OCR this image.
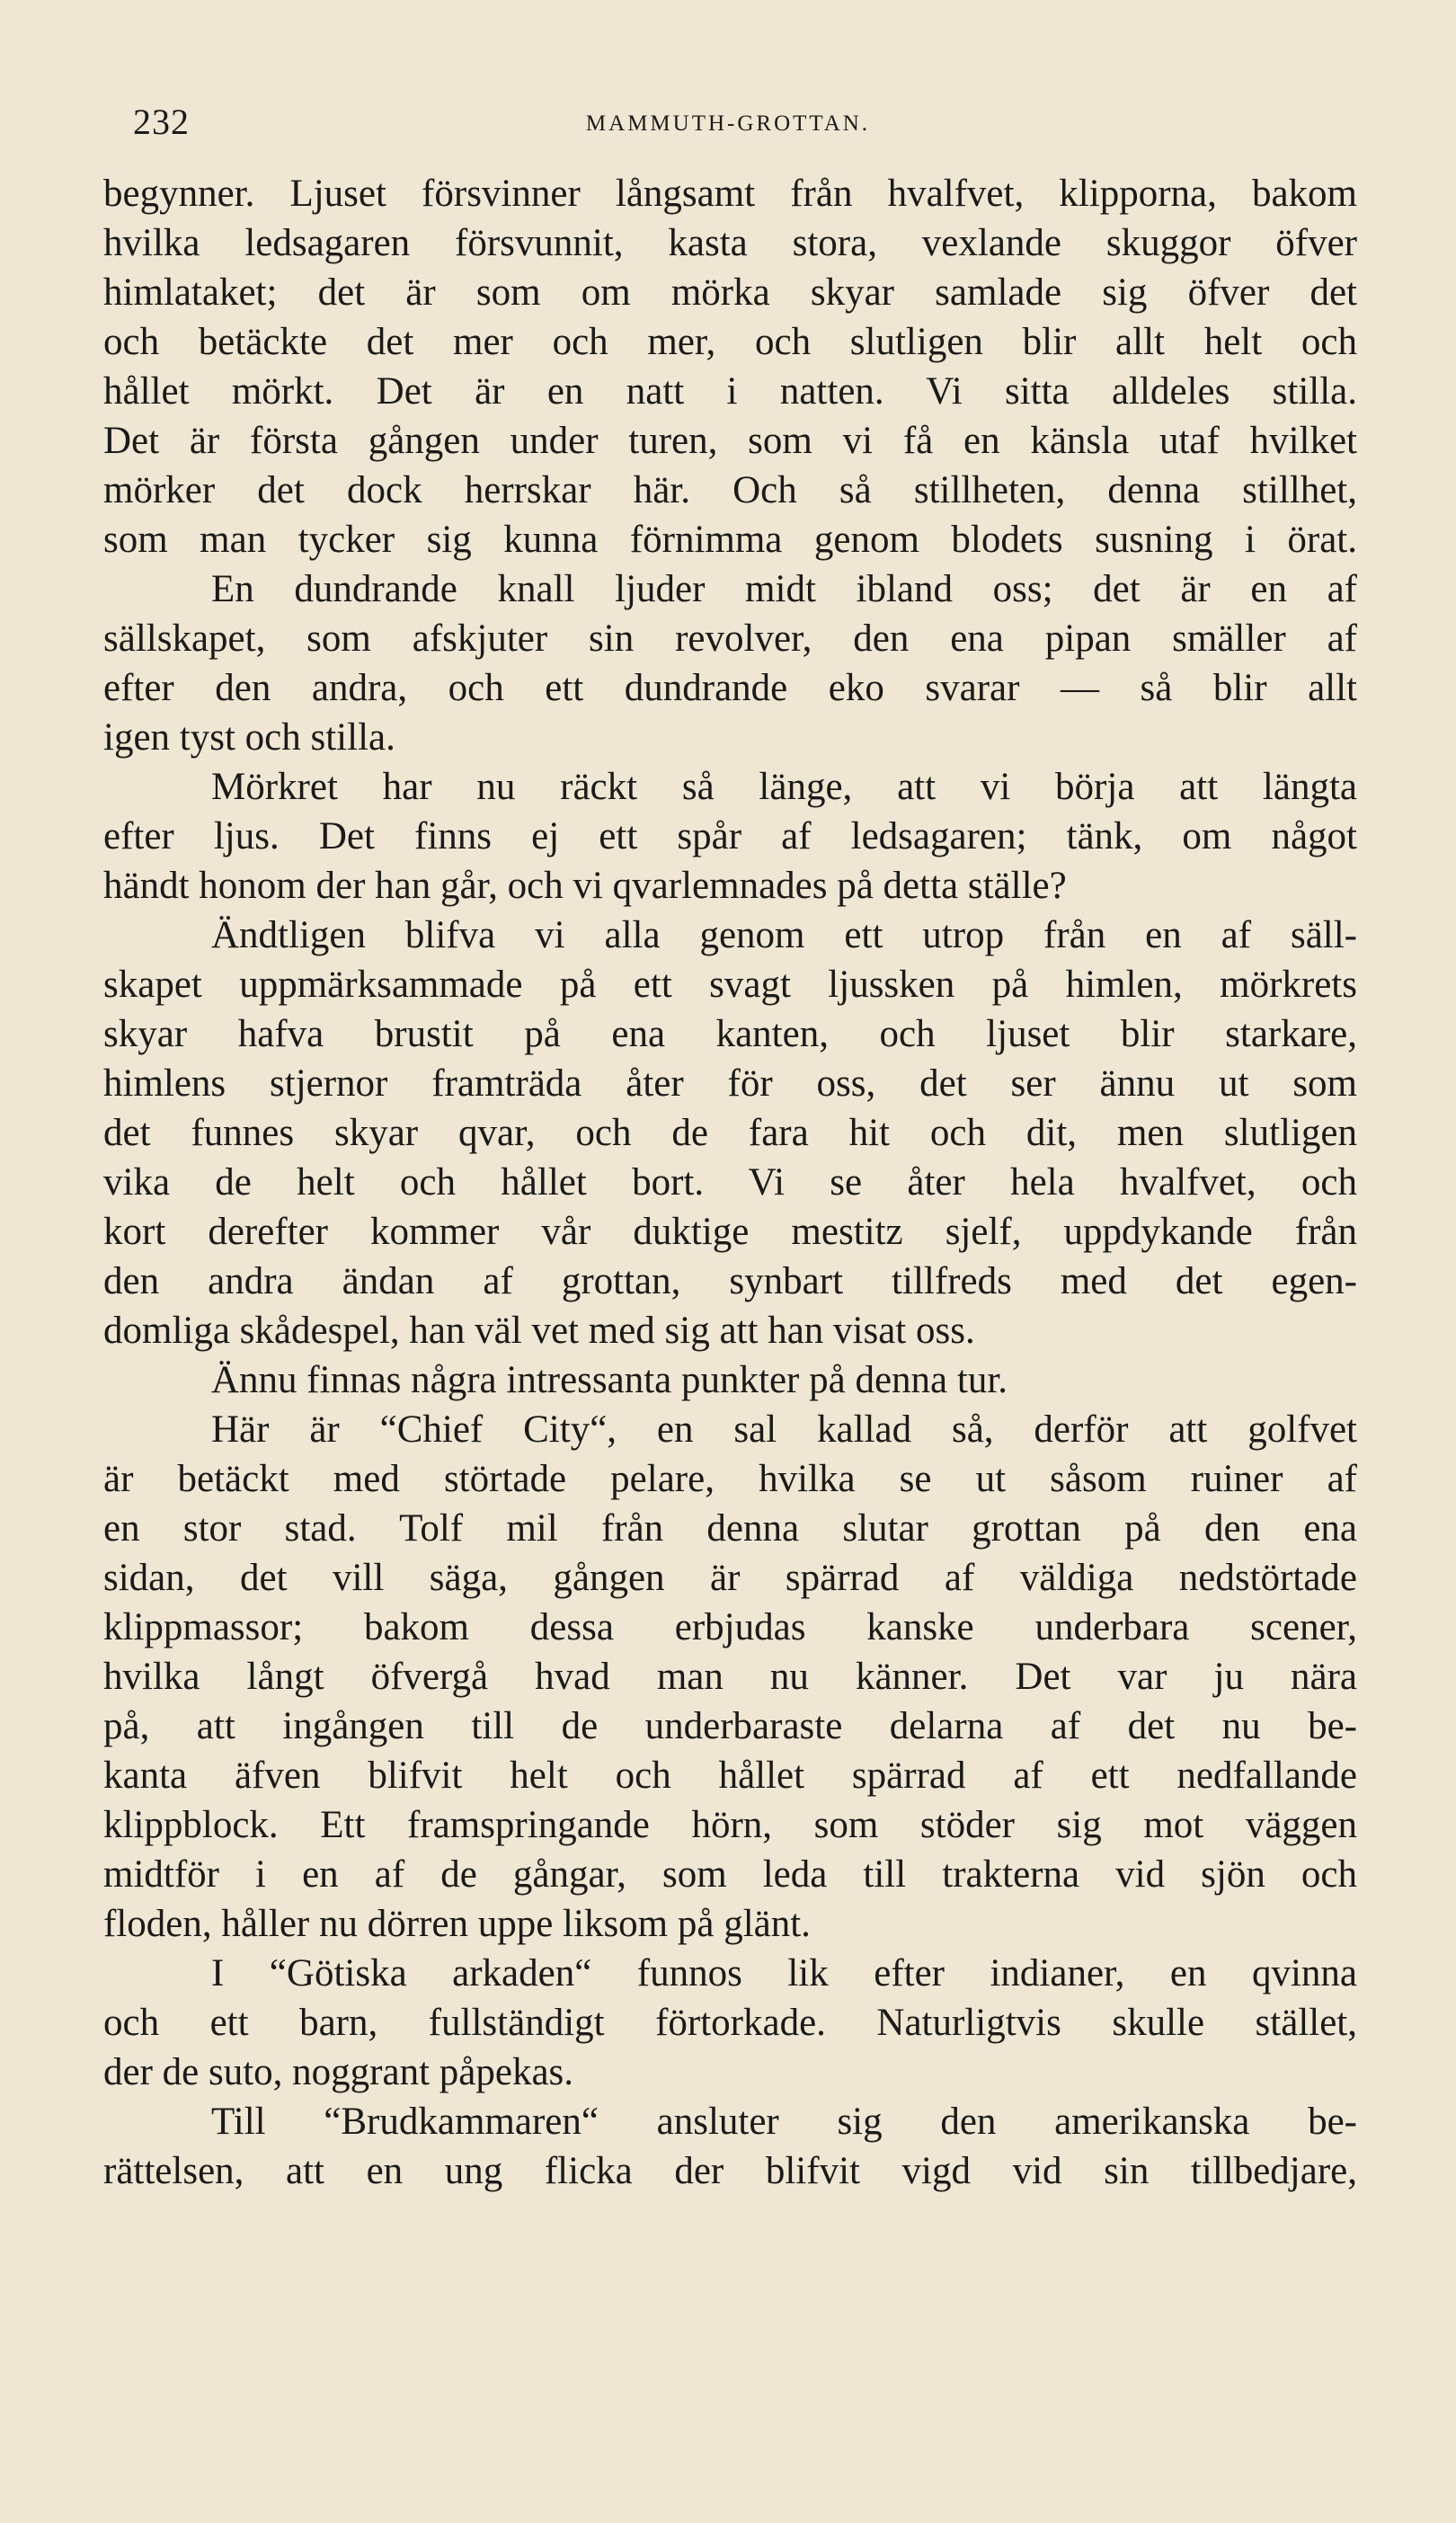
232	MAMMUTH-GROTTAN.
begynner. Ljuset försvinner långsamt från hvalfvet, klipporna, bakom
hvilka ledsagaren försvunnit, kasta stora, vexlande skuggor öfver
himlataket; det är som om mörka skyar samlade sig öfver det
och betäckte det mer och mer, och slutligen blir allt helt och
hållet mörkt. Det är en natt i natten. Vi sitta alldeles stilla.
Det är första gången under turen, som vi få en känsla utaf hvilket
mörker det dock herrskar här. Och så stillheten, denna stillhet,
som man tycker sig kunna förnimma genom blodets susning i örat.
En dundrande knall ljuder midt ibland oss; det är en af
sällskapet, som afskjuter sin revolver, den ena pipan smäller af
efter den andra, och ett dundrande eko svarar — så blir allt
igen tyst och stilla.
Mörkret har nu räckt så länge, att vi börja att längta
efter ljus. Det finns ej ett spår af ledsagaren; tänk, om något
händt honom der han går, och vi qvarlemnades på detta ställe?
Ändtligen blifva vi alla genom ett utrop från en af säll-
skapet uppmärksammade på ett svagt ljussken på himlen, mörkrets
skyar hafva brustit på ena kanten, och ljuset blir starkare,
himlens stjernor framträda åter för oss, det ser ännu ut som
det funnes skyar qvar, och de fara hit och dit, men slutligen
vika de helt och hållet bort. Vi se åter hela hvalfvet, och
kort derefter kommer vår duktige mestitz sjelf, uppdykande från
den andra ändan af grottan, synbart tillfreds med det egen-
domliga skådespel, han väl vet med sig att han visat oss.
Ännu finnas några intressanta punkter på denna tur.
Här är “Chief City“, en sal kallad så, derför att golfvet
är betäckt med störtade pelare, hvilka se ut såsom ruiner af
en stor stad. Tolf mil från denna slutar grottan på den ena
sidan, det vill säga, gången är spärrad af väldiga nedstörtade
klippmassor; bakom dessa erbjudas kanske underbara scener,
hvilka långt öfvergå hvad man nu känner. Det var ju nära
på, att ingången till de underbaraste delarna af det nu be-
kanta äfven blifvit helt och hållet spärrad af ett nedfallande
klippblock. Ett framspringande hörn, som stöder sig mot väggen
midtför i en af de gångar, som leda till trakterna vid sjön och
floden, håller nu dörren uppe liksom på glänt.
I “Götiska arkaden“ funnos lik efter indianer, en qvinna
och ett barn, fullständigt förtorkade. Naturligtvis skulle stället,
der de suto, noggrant påpekas.
Till “Brudkammaren“ ansluter sig den amerikanska be-
rättelsen, att en ung flicka der blifvit vigd vid sin tillbedjare,
